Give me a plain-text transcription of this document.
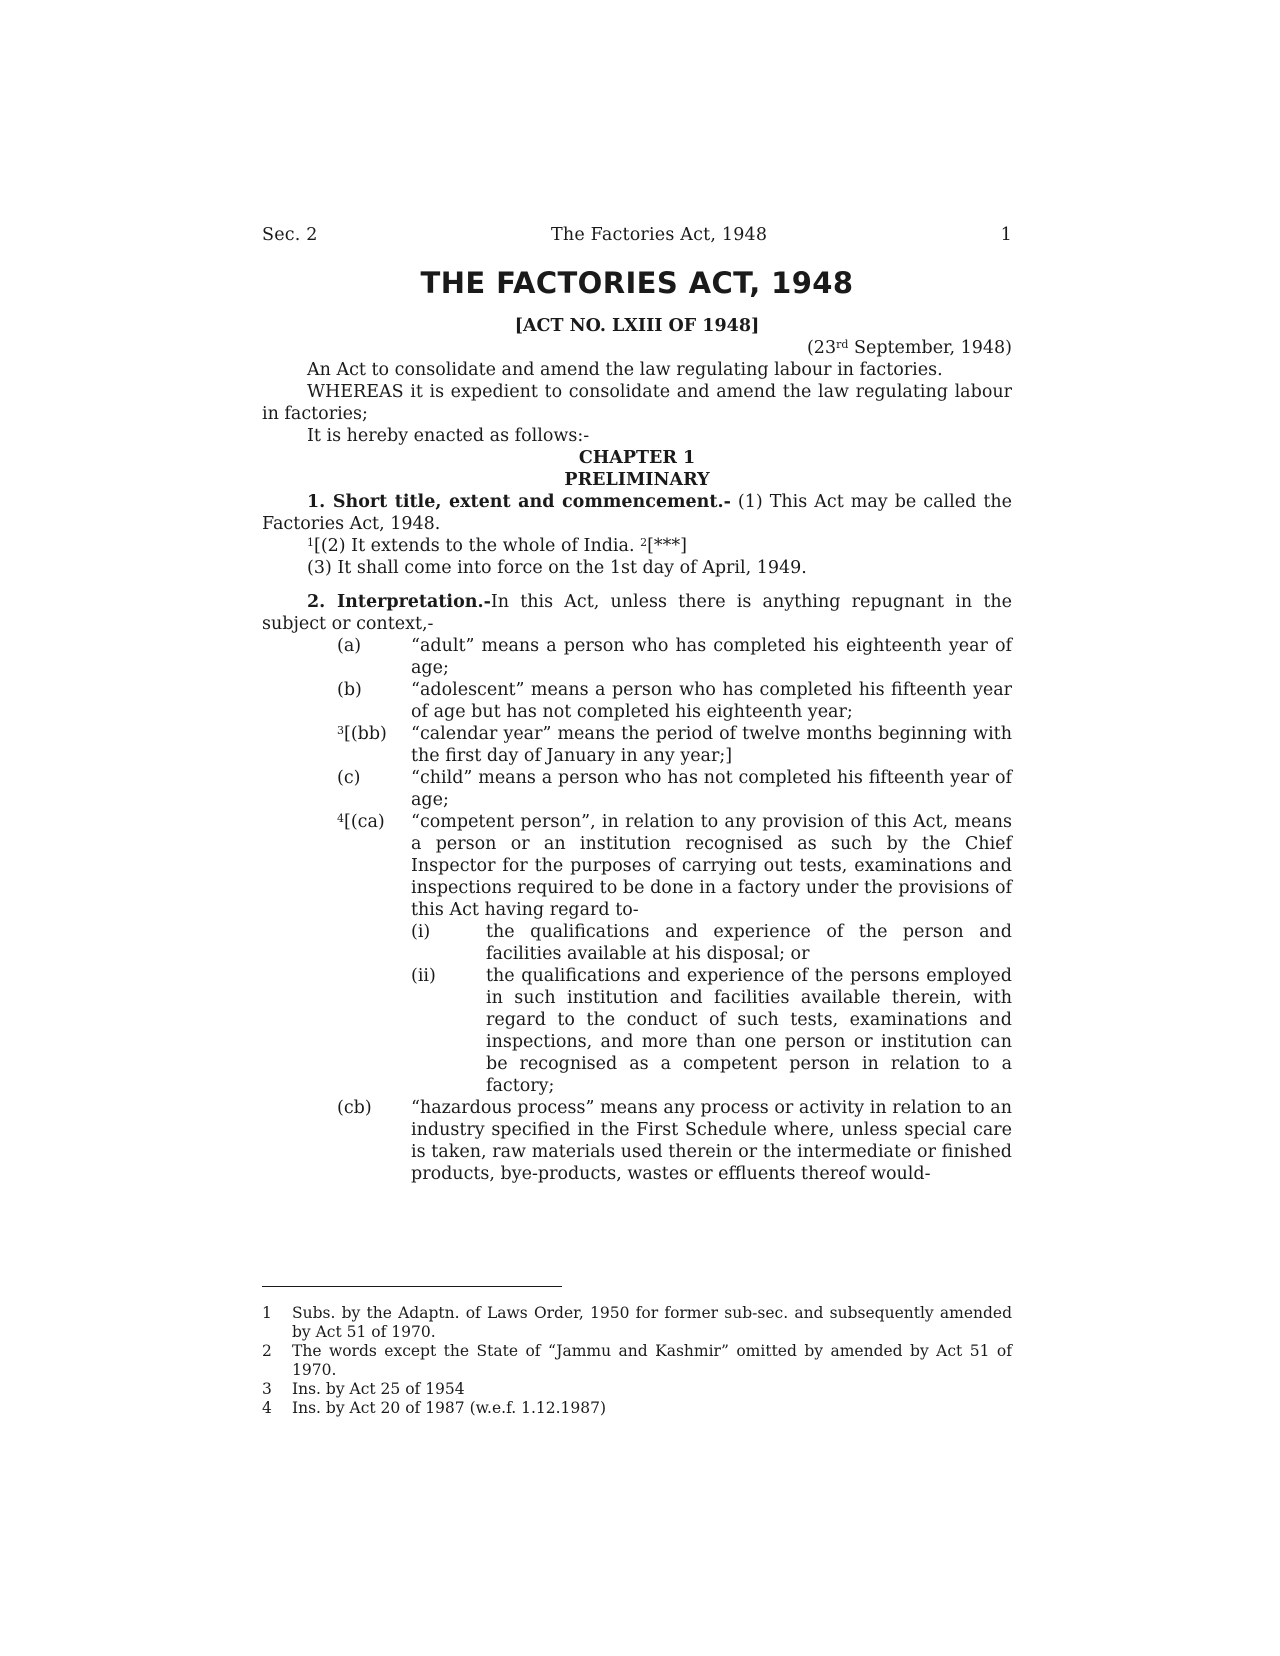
Sec. 2	The Factories Act, 1948	1
THE FACTORIES ACT, 1948
[ACT NO. LXIII OF 1948]
(23rd September, 1948)

An Act to consolidate and amend the law regulating labour in factories.

WHEREAS it is expedient to consolidate and amend the law regulating labour in factories;

It is hereby enacted as follows:-

CHAPTER 1
PRELIMINARY

1. Short title, extent and commencement.- (1) This Act may be called the Factories Act, 1948.

$^1$[(2) It extends to the whole of India. $^2$[***]

(3) It shall come into force on the 1st day of April, 1949.

2. Interpretation.-In this Act, unless there is anything repugnant in the subject or context,-

(a)	“adult” means a person who has completed his eighteenth year of age;
(b)	“adolescent” means a person who has completed his fifteenth year of age but has not completed his eighteenth year;
$^3$[(bb)	“calendar year” means the period of twelve months beginning with the first day of January in any year;]
(c)	“child” means a person who has not completed his fifteenth year of age;
$^4$[(ca)	“competent person”, in relation to any provision of this Act, means a person or an institution recognised as such by the Chief Inspector for the purposes of carrying out tests, examinations and inspections required to be done in a factory under the provisions of this Act having regard to-
(i)	the qualifications and experience of the person and facilities available at his disposal; or
(ii)	the qualifications and experience of the persons employed in such institution and facilities available therein, with regard to the conduct of such tests, examinations and inspections, and more than one person or institution can be recognised as a competent person in relation to a factory;
(cb)	“hazardous process” means any process or activity in relation to an industry specified in the First Schedule where, unless special care is taken, raw materials used therein or the intermediate or finished products, bye-products, wastes or effluents thereof would-
1	Subs. by the Adaptn. of Laws Order, 1950 for former sub-sec. and subsequently amended by Act 51 of 1970.
2	The words except the State of “Jammu and Kashmir” omitted by amended by Act 51 of 1970.
3	Ins. by Act 25 of 1954
4	Ins. by Act 20 of 1987 (w.e.f. 1.12.1987)
